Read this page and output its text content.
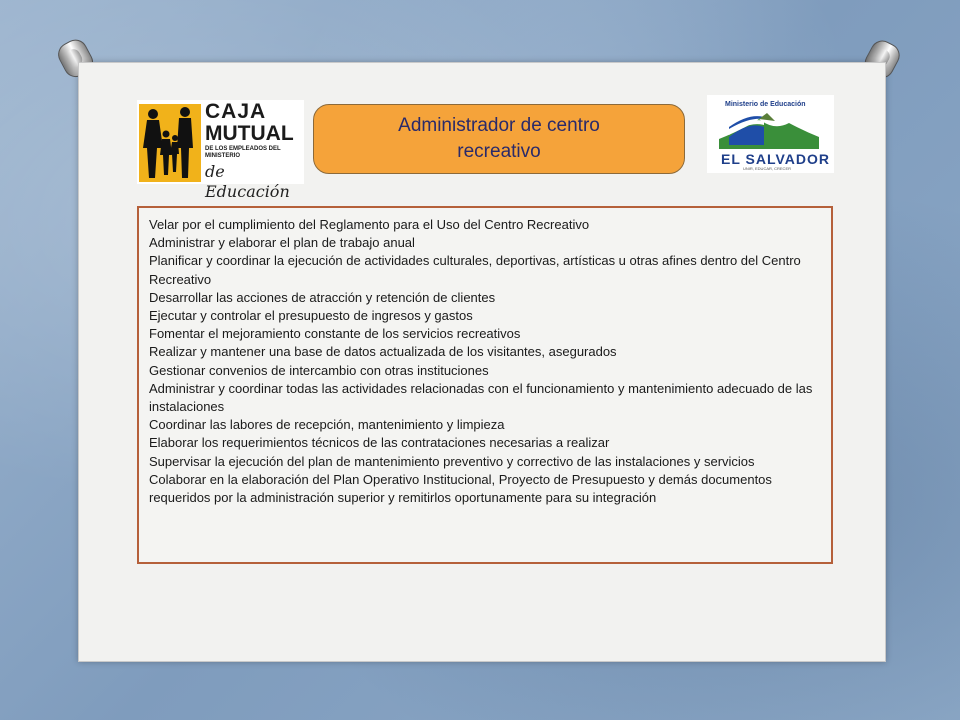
CAJA
MUTUAL
DE LOS EMPLEADOS DEL MINISTERIO
de Educación
Administrador de centro recreativo
Ministerio de Educación
EL SALVADOR
UNIR, EDUCAR, CRECER

Velar por el cumplimiento del Reglamento para el Uso del Centro Recreativo

Administrar y elaborar el plan de trabajo anual

Planificar y coordinar la ejecución de actividades culturales, deportivas, artísticas u otras afines dentro del Centro Recreativo

Desarrollar las acciones de atracción y retención de clientes

Ejecutar y controlar el presupuesto de ingresos y gastos

Fomentar el mejoramiento constante de los servicios recreativos

Realizar y mantener una base de datos actualizada de los visitantes, asegurados

Gestionar convenios de intercambio con otras instituciones

Administrar y coordinar todas las actividades relacionadas con el funcionamiento y mantenimiento adecuado de las instalaciones

Coordinar las labores de recepción, mantenimiento y limpieza

Elaborar los requerimientos técnicos de las contrataciones necesarias a realizar

Supervisar la ejecución del plan de mantenimiento preventivo y correctivo de las instalaciones y servicios

Colaborar en la elaboración del Plan Operativo Institucional, Proyecto de Presupuesto y demás documentos requeridos por la administración superior y remitirlos oportunamente para su integración
